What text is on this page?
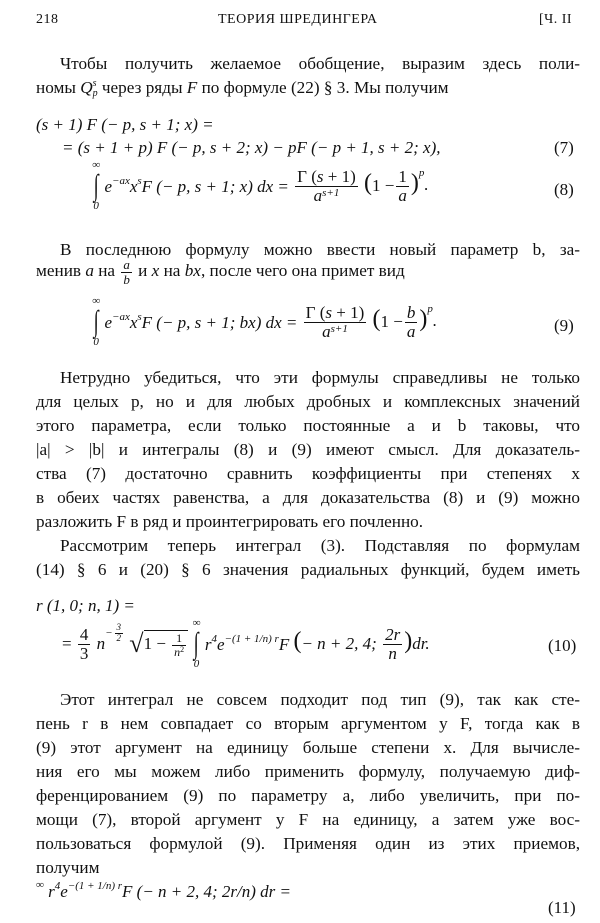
218	ТЕОРИЯ ШРЕДИНГЕРА	[Ч. II
Чтобы получить желаемое обобщение, выразим здесь поли-
номы Q s
p через ряды F по формуле (22) § 3. Мы получим
(s + 1) F (− p, s + 1; x) =
= (s + 1 + p) F (− p, s + 2; x) − pF (− p + 1, s + 2; x),	(7)
∞
∫
0
$e^{-ax}x^sF$ (− p, s + 1; x) dx = $\frac{\Gamma (s + 1)}{a^{s+1}} (1 - \frac{1}{a} )^p$.	(8)
В последнюю формулу можно ввести новый параметр b, за-
менив a на $\frac{a}{b}$ и x на bx, после чего она примет вид
∞
∫
0
$e^{-ax}x^sF$ (− p, s + 1; bx) dx = $\frac{\Gamma (s + 1)}{a^{s+1}} (1 - \frac{b}{a} )^p$.	(9)
Нетрудно убедиться, что эти формулы справедливы не только
для целых p, но и для любых дробных и комплексных значений
этого параметра, если только постоянные a и b таковы, что
|a| > |b| и интегралы (8) и (9) имеют смысл. Для доказатель-
ства (7) достаточно сравнить коэффициенты при степенях x
в обеих частях равенства, а для доказательства (8) и (9) можно
разложить F в ряд и проинтегрировать его почленно.
Рассмотрим теперь интеграл (3). Подставляя по формулам
(14) § 6 и (20) § 6 значения радиальных функций, будем иметь
r (1, 0; n, 1) =
= $\frac{4}{3} n^{- \frac{3}{2}}$ $√1 - \frac{1}{n^2}$

∞
∫
0
$r^4e^{-(1 + 1/n) r}F$ (− n + 2, 4; $\frac{2r}{n} )dr$.	(10)
Этот интеграл не совсем подходит под тип (9), так как сте-
пень r в нем совпадает со вторым аргументом у F, тогда как в
(9) этот аргумент на единицу больше степени x. Для вычисле-
ния его мы можем либо применить формулу, получаемую диф-
ференцированием (9) по параметру a, либо увеличить, при по-
мощи (7), второй аргумент у F на единицу, а затем уже вос-
пользоваться формулой (9). Применяя один из этих приемов,
получим
∞ $r^4e^{-(1 + 1/n) r}F$ (− n + 2, 4; 2r/n) dr =
(11)
